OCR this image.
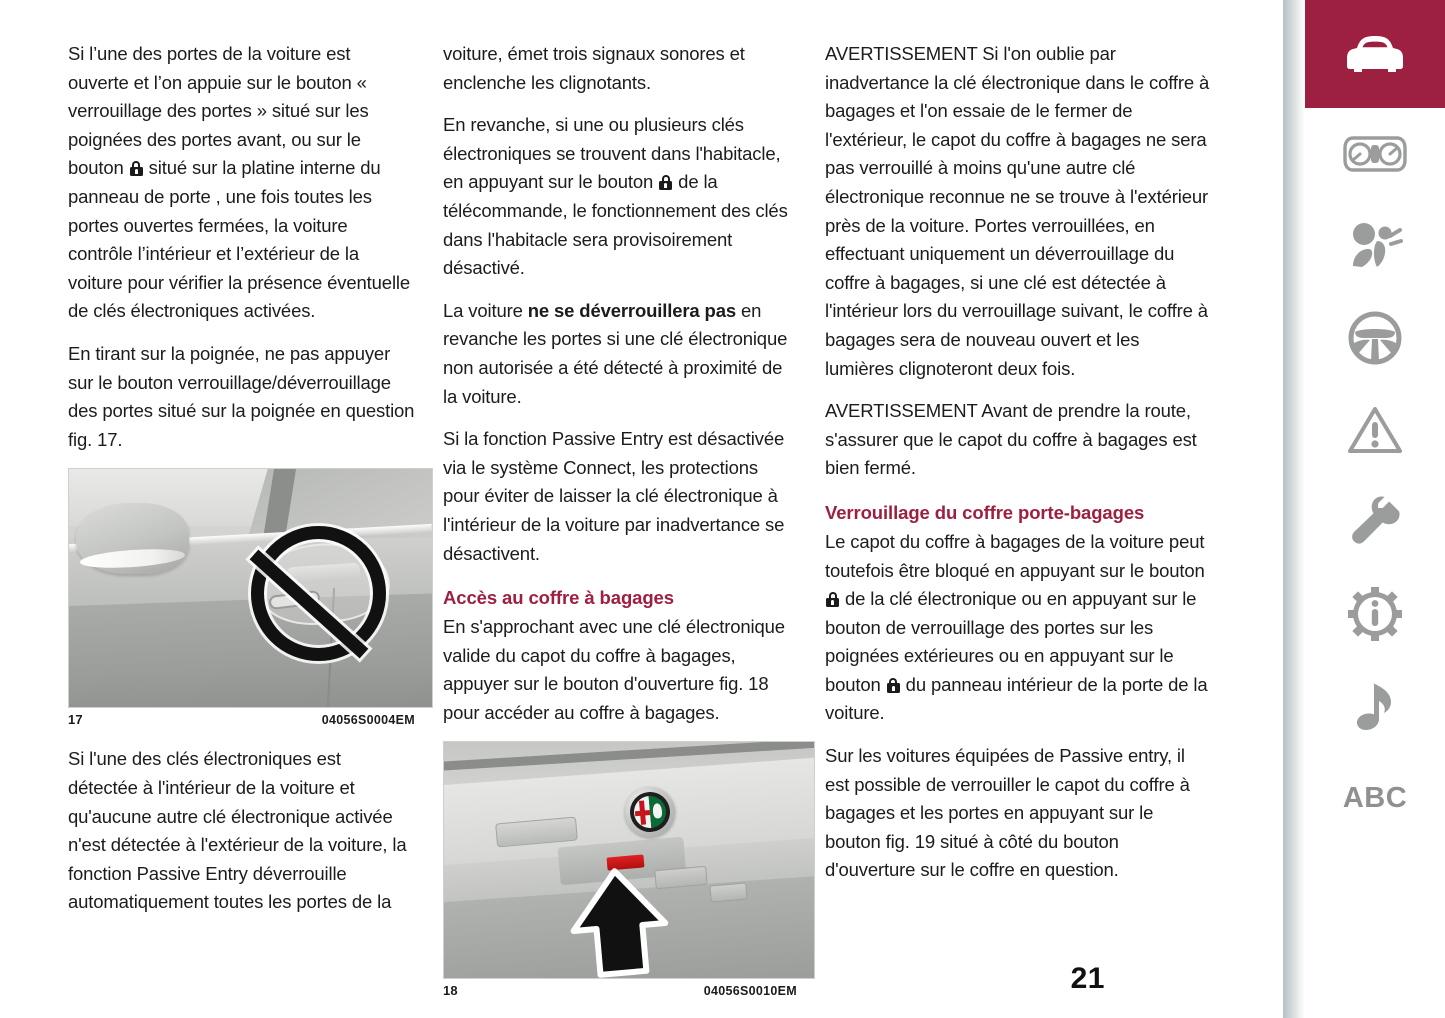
Si l’une des portes de la voiture est ouverte et l’on appuie sur le bouton « verrouillage des portes » situé sur les poignées des portes avant, ou sur le bouton
situé sur la platine interne du panneau de porte , une fois toutes les portes ouvertes fermées, la voiture contrôle l’intérieur et l’extérieur de la voiture pour vérifier la présence éventuelle de clés électroniques activées.

En tirant sur la poignée, ne pas appuyer sur le bouton verrouillage/déverrouillage des portes situé sur la poignée en question fig. 17.

17	04056S0004EM

Si l'une des clés électroniques est détectée à l'intérieur de la voiture et qu'aucune autre clé électronique activée n'est détectée à l'extérieur de la voiture, la fonction Passive Entry déverrouille automatiquement toutes les portes de la

voiture, émet trois signaux sonores et enclenche les clignotants.

En revanche, si une ou plusieurs clés électroniques se trouvent dans l'habitacle, en appuyant sur le bouton
de la télécommande, le fonctionnement des clés dans l'habitacle sera provisoirement désactivé.

La voiture ne se déverrouillera pas en revanche les portes si une clé électronique non autorisée a été détecté à proximité de la voiture.

Si la fonction Passive Entry est désactivée via le système Connect, les protections pour éviter de laisser la clé électronique à l'intérieur de la voiture par inadvertance se désactivent.

Accès au coffre à bagages

En s'approchant avec une clé électronique valide du capot du coffre à bagages, appuyer sur le bouton d'ouverture fig. 18 pour accéder au coffre à bagages.

18	04056S0010EM

AVERTISSEMENT Si l'on oublie par inadvertance la clé électronique dans le coffre à bagages et l'on essaie de le fermer de l'extérieur, le capot du coffre à bagages ne sera pas verrouillé à moins qu'une autre clé électronique reconnue ne se trouve à l'extérieur près de la voiture. Portes verrouillées, en effectuant uniquement un déverrouillage du coffre à bagages, si une clé est détectée à l'intérieur lors du verrouillage suivant, le coffre à bagages sera de nouveau ouvert et les lumières clignoteront deux fois.

AVERTISSEMENT Avant de prendre la route, s'assurer que le capot du coffre à bagages est bien fermé.

Verrouillage du coffre porte-bagages

Le capot du coffre à bagages de la voiture peut toutefois être bloqué en appuyant sur le bouton
de la clé électronique ou en appuyant sur le bouton de verrouillage des portes sur les poignées extérieures ou en appuyant sur le bouton
du panneau intérieur de la porte de la voiture.

Sur les voitures équipées de Passive entry, il est possible de verrouiller le capot du coffre à bagages et les portes en appuyant sur le bouton fig. 19 situé à côté du bouton d'ouverture sur le coffre en question.

21
ABC
